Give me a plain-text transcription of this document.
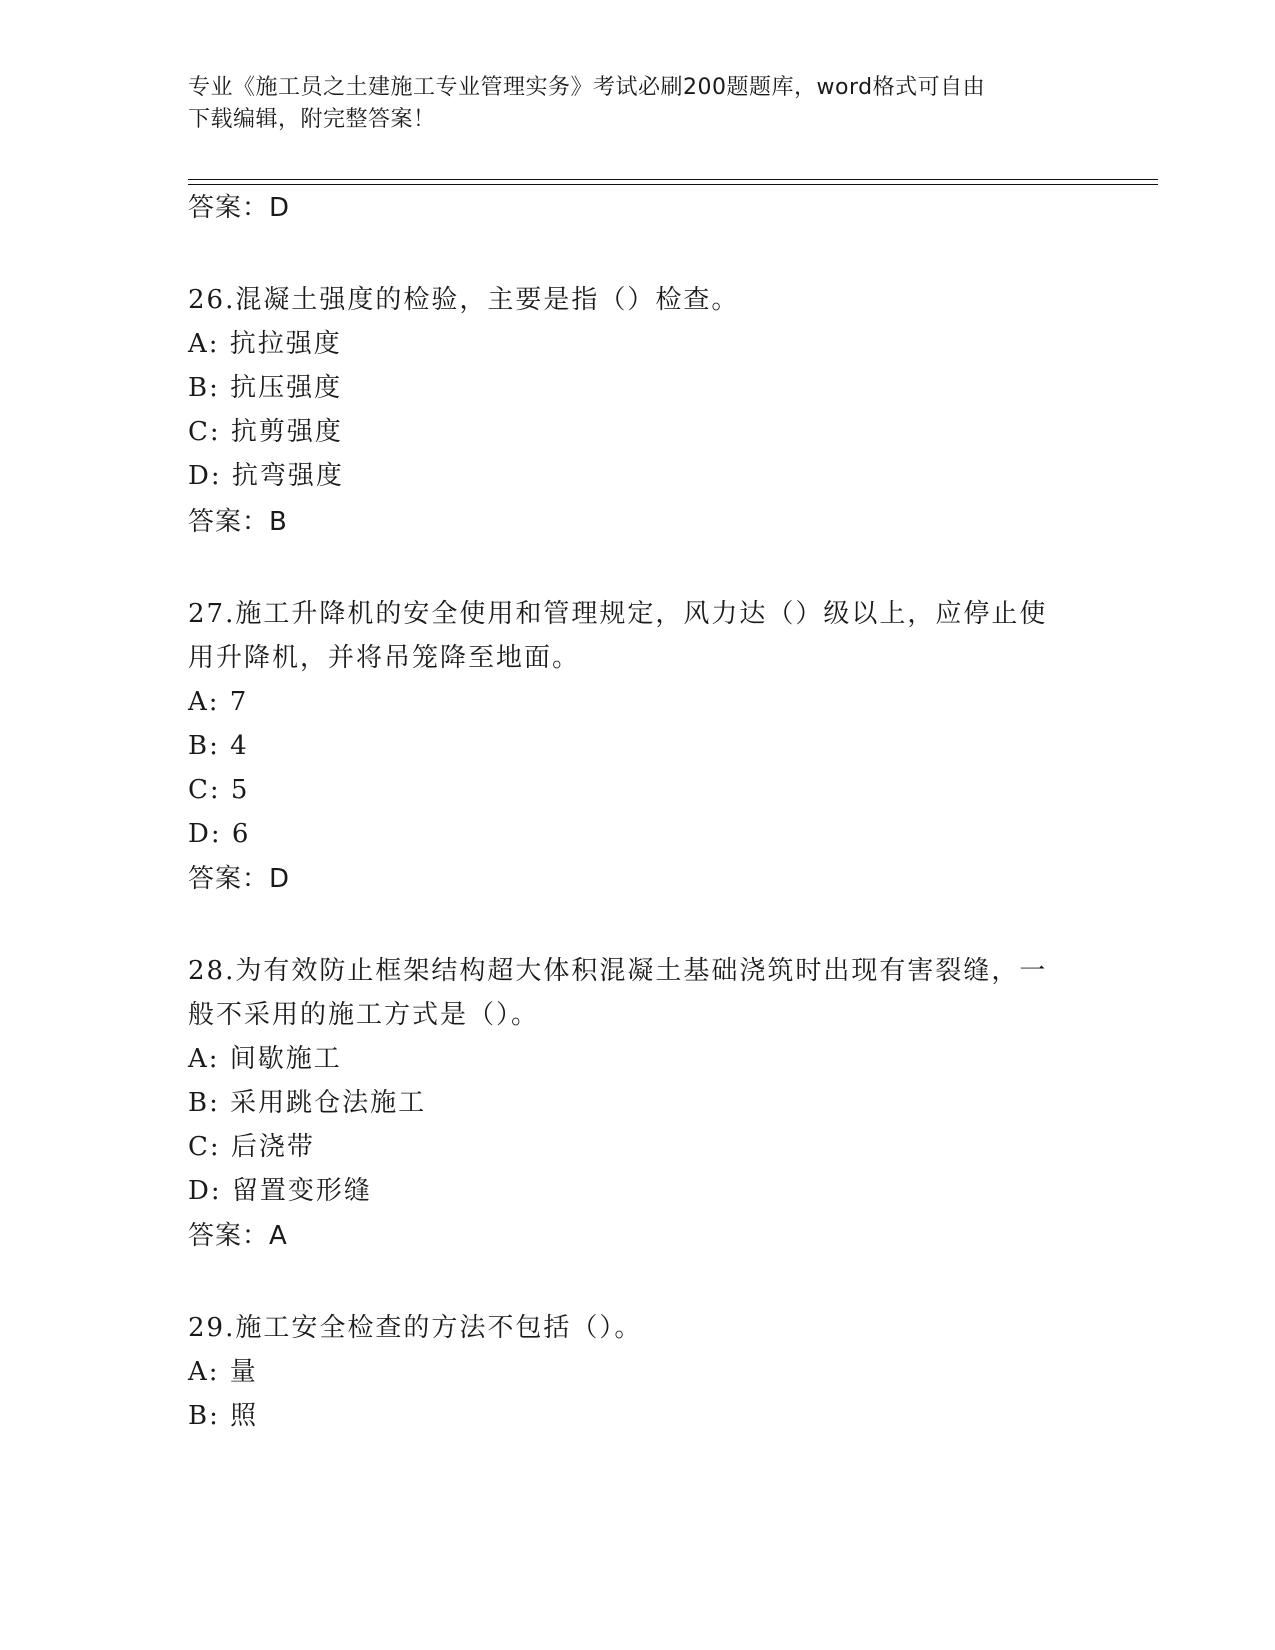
专业《施工员之土建施工专业管理实务》考试必刷200题题库，word格式可自由
下载编辑，附完整答案！
答案：D
26.混凝土强度的检验，主要是指（）检查。
A: 抗拉强度
B: 抗压强度
C: 抗剪强度
D: 抗弯强度
答案：B
27.施工升降机的安全使用和管理规定，风力达（）级以上，应停止使
用升降机，并将吊笼降至地面。
A: 7
B: 4
C: 5
D: 6
答案：D
28.为有效防止框架结构超大体积混凝土基础浇筑时出现有害裂缝，一
般不采用的施工方式是（）。
A: 间歇施工
B: 采用跳仓法施工
C: 后浇带
D: 留置变形缝
答案：A
29.施工安全检查的方法不包括（）。
A: 量
B: 照
